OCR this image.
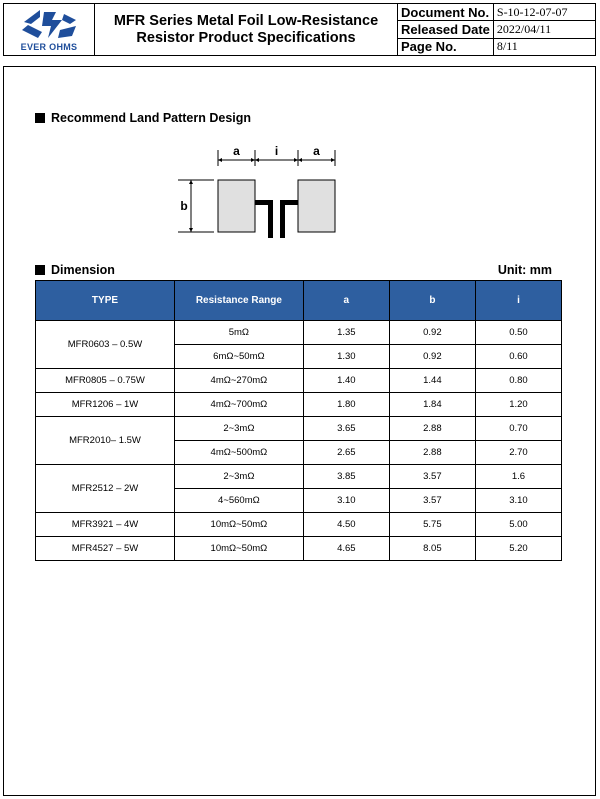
EVER OHMS
MFR Series Metal Foil Low-Resistance
Resistor Product Specifications
Document No.	S-10-12-07-07
Released Date	2022/04/11
Page No.	8/11
Recommend Land Pattern Design
a	i	a
b
Dimension	Unit: mm
TYPE	Resistance Range	a	b	i
MFR0603 – 0.5W	5mΩ	1.35	0.92	0.50
	6mΩ~50mΩ	1.30	0.92	0.60
MFR0805 – 0.75W	4mΩ~270mΩ	1.40	1.44	0.80
MFR1206 – 1W	4mΩ~700mΩ	1.80	1.84	1.20
MFR2010– 1.5W	2~3mΩ	3.65	2.88	0.70
	4mΩ~500mΩ	2.65	2.88	2.70
MFR2512 – 2W	2~3mΩ	3.85	3.57	1.6
	4~560mΩ	3.10	3.57	3.10
MFR3921 – 4W	10mΩ~50mΩ	4.50	5.75	5.00
MFR4527 – 5W	10mΩ~50mΩ	4.65	8.05	5.20
